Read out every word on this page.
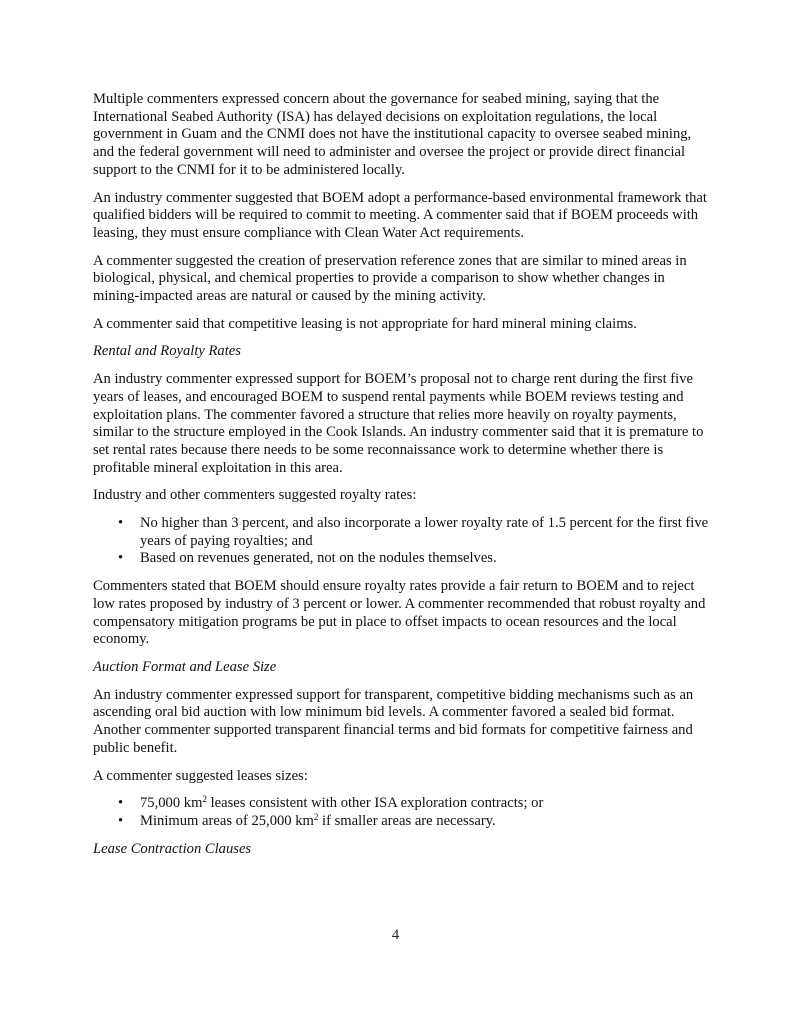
Multiple commenters expressed concern about the governance for seabed mining, saying that the International Seabed Authority (ISA) has delayed decisions on exploitation regulations, the local government in Guam and the CNMI does not have the institutional capacity to oversee seabed mining, and the federal government will need to administer and oversee the project or provide direct financial support to the CNMI for it to be administered locally.

An industry commenter suggested that BOEM adopt a performance-based environmental framework that qualified bidders will be required to commit to meeting. A commenter said that if BOEM proceeds with leasing, they must ensure compliance with Clean Water Act requirements.

A commenter suggested the creation of preservation reference zones that are similar to mined areas in biological, physical, and chemical properties to provide a comparison to show whether changes in mining-impacted areas are natural or caused by the mining activity.

A commenter said that competitive leasing is not appropriate for hard mineral mining claims.

Rental and Royalty Rates

An industry commenter expressed support for BOEM’s proposal not to charge rent during the first five years of leases, and encouraged BOEM to suspend rental payments while BOEM reviews testing and exploitation plans. The commenter favored a structure that relies more heavily on royalty payments, similar to the structure employed in the Cook Islands. An industry commenter said that it is premature to set rental rates because there needs to be some reconnaissance work to determine whether there is profitable mineral exploitation in this area.

Industry and other commenters suggested royalty rates:

• No higher than 3 percent, and also incorporate a lower royalty rate of 1.5 percent for the first five years of paying royalties; and
• Based on revenues generated, not on the nodules themselves.

Commenters stated that BOEM should ensure royalty rates provide a fair return to BOEM and to reject low rates proposed by industry of 3 percent or lower. A commenter recommended that robust royalty and compensatory mitigation programs be put in place to offset impacts to ocean resources and the local economy.

Auction Format and Lease Size

An industry commenter expressed support for transparent, competitive bidding mechanisms such as an ascending oral bid auction with low minimum bid levels. A commenter favored a sealed bid format. Another commenter supported transparent financial terms and bid formats for competitive fairness and public benefit.

A commenter suggested leases sizes:

• 75,000 $km^2$ leases consistent with other ISA exploration contracts; or
• Minimum areas of 25,000 $km^2$ if smaller areas are necessary.

Lease Contraction Clauses

4
